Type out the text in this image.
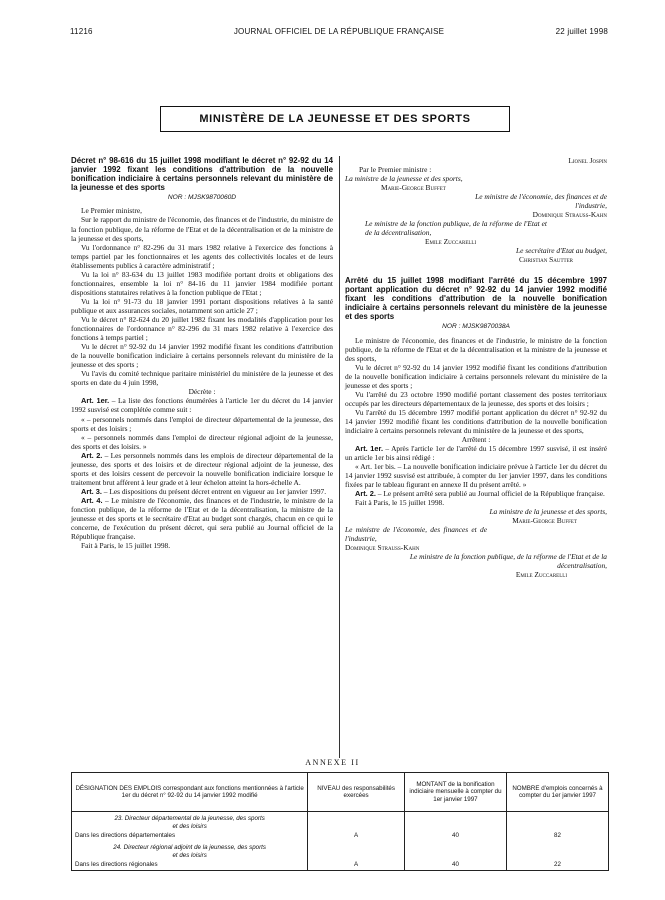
11216	JOURNAL OFFICIEL DE LA RÉPUBLIQUE FRANÇAISE	22 juillet 1998
MINISTÈRE DE LA JEUNESSE ET DES SPORTS

Décret n° 98-616 du 15 juillet 1998 modifiant le décret n° 92-92 du 14 janvier 1992 fixant les conditions d'attribution de la nouvelle bonification indiciaire à certains personnels relevant du ministère de la jeunesse et des sports

NOR : MJSK9870060D

Le Premier ministre,

Sur le rapport du ministre de l'économie, des finances et de l'industrie, du ministre de la fonction publique, de la réforme de l'Etat et de la décentralisation et de la ministre de la jeunesse et des sports,

Vu l'ordonnance n° 82-296 du 31 mars 1982 relative à l'exercice des fonctions à temps partiel par les fonctionnaires et les agents des collectivités locales et de leurs établissements publics à caractère administratif ;

Vu la loi n° 83-634 du 13 juillet 1983 modifiée portant droits et obligations des fonctionnaires, ensemble la loi n° 84-16 du 11 janvier 1984 modifiée portant dispositions statutaires relatives à la fonction publique de l'Etat ;

Vu la loi n° 91-73 du 18 janvier 1991 portant dispositions relatives à la santé publique et aux assurances sociales, notamment son article 27 ;

Vu le décret n° 82-624 du 20 juillet 1982 fixant les modalités d'application pour les fonctionnaires de l'ordonnance n° 82-296 du 31 mars 1982 relative à l'exercice des fonctions à temps partiel ;

Vu le décret n° 92-92 du 14 janvier 1992 modifié fixant les conditions d'attribution de la nouvelle bonification indiciaire à certains personnels relevant du ministère de la jeunesse et des sports ;

Vu l'avis du comité technique paritaire ministériel du ministère de la jeunesse et des sports en date du 4 juin 1998,

Décrète :

Art. 1er. – La liste des fonctions énumérées à l'article 1er du décret du 14 janvier 1992 susvisé est complétée comme suit :

« – personnels nommés dans l'emploi de directeur départemental de la jeunesse, des sports et des loisirs ;

« – personnels nommés dans l'emploi de directeur régional adjoint de la jeunesse, des sports et des loisirs. »

Art. 2. – Les personnels nommés dans les emplois de directeur départemental de la jeunesse, des sports et des loisirs et de directeur régional adjoint de la jeunesse, des sports et des loisirs cessent de percevoir la nouvelle bonification indiciaire lorsque le traitement brut afférent à leur grade et à leur échelon atteint la hors-échelle A.

Art. 3. – Les dispositions du présent décret entrent en vigueur au 1er janvier 1997.

Art. 4. – Le ministre de l'économie, des finances et de l'industrie, le ministre de la fonction publique, de la réforme de l'Etat et de la décentralisation, la ministre de la jeunesse et des sports et le secrétaire d'Etat au budget sont chargés, chacun en ce qui le concerne, de l'exécution du présent décret, qui sera publié au Journal officiel de la République française.

Fait à Paris, le 15 juillet 1998.

Lionel Jospin

Par le Premier ministre :

La ministre de la jeunesse et des sports,

Marie-George Buffet

Le ministre de l'économie, des finances et de l'industrie,

Dominique Strauss-Kahn

Le ministre de la fonction publique, de la réforme de l'Etat et de la décentralisation,

Emile Zuccarelli

Le secrétaire d'Etat au budget,

Christian Sautter

Arrêté du 15 juillet 1998 modifiant l'arrêté du 15 décembre 1997 portant application du décret n° 92-92 du 14 janvier 1992 modifié fixant les conditions d'attribution de la nouvelle bonification indiciaire à certains personnels relevant du ministère de la jeunesse et des sports

NOR : MJSK9870038A

Le ministre de l'économie, des finances et de l'industrie, le ministre de la fonction publique, de la réforme de l'Etat et de la décentralisation et la ministre de la jeunesse et des sports,

Vu le décret n° 92-92 du 14 janvier 1992 modifié fixant les conditions d'attribution de la nouvelle bonification indiciaire à certains personnels relevant du ministère de la jeunesse et des sports ;

Vu l'arrêté du 23 octobre 1990 modifié portant classement des postes territoriaux occupés par les directeurs départementaux de la jeunesse, des sports et des loisirs ;

Vu l'arrêté du 15 décembre 1997 modifié portant application du décret n° 92-92 du 14 janvier 1992 modifié fixant les conditions d'attribution de la nouvelle bonification indiciaire à certains personnels relevant du ministère de la jeunesse et des sports,

Arrêtent :

Art. 1er. – Après l'article 1er de l'arrêté du 15 décembre 1997 susvisé, il est inséré un article 1er bis ainsi rédigé :

« Art. 1er bis. – La nouvelle bonification indiciaire prévue à l'article 1er du décret du 14 janvier 1992 susvisé est attribuée, à compter du 1er janvier 1997, dans les conditions fixées par le tableau figurant en annexe II du présent arrêté. »

Art. 2. – Le présent arrêté sera publié au Journal officiel de la République française.

Fait à Paris, le 15 juillet 1998.

La ministre de la jeunesse et des sports,

Marie-George Buffet

Le ministre de l'économie, des finances et de l'industrie,

Dominique Strauss-Kahn

Le ministre de la fonction publique, de la réforme de l'Etat et de la décentralisation,

Emile Zuccarelli

ANNEXE II
DÉSIGNATION DES EMPLOIS correspondant aux fonctions mentionnées à l'article 1er du décret n° 92-92 du 14 janvier 1992 modifié	NIVEAU des responsabilités exercées	MONTANT de la bonification indiciaire mensuelle à compter du 1er janvier 1997	NOMBRE d'emplois concernés à compter du 1er janvier 1997
23. Directeur départemental de la jeunesse, des sports et des loisirs			
Dans les directions départementales	A	40	82
24. Directeur régional adjoint de la jeunesse, des sports et des loisirs			
Dans les directions régionales	A	40	22
